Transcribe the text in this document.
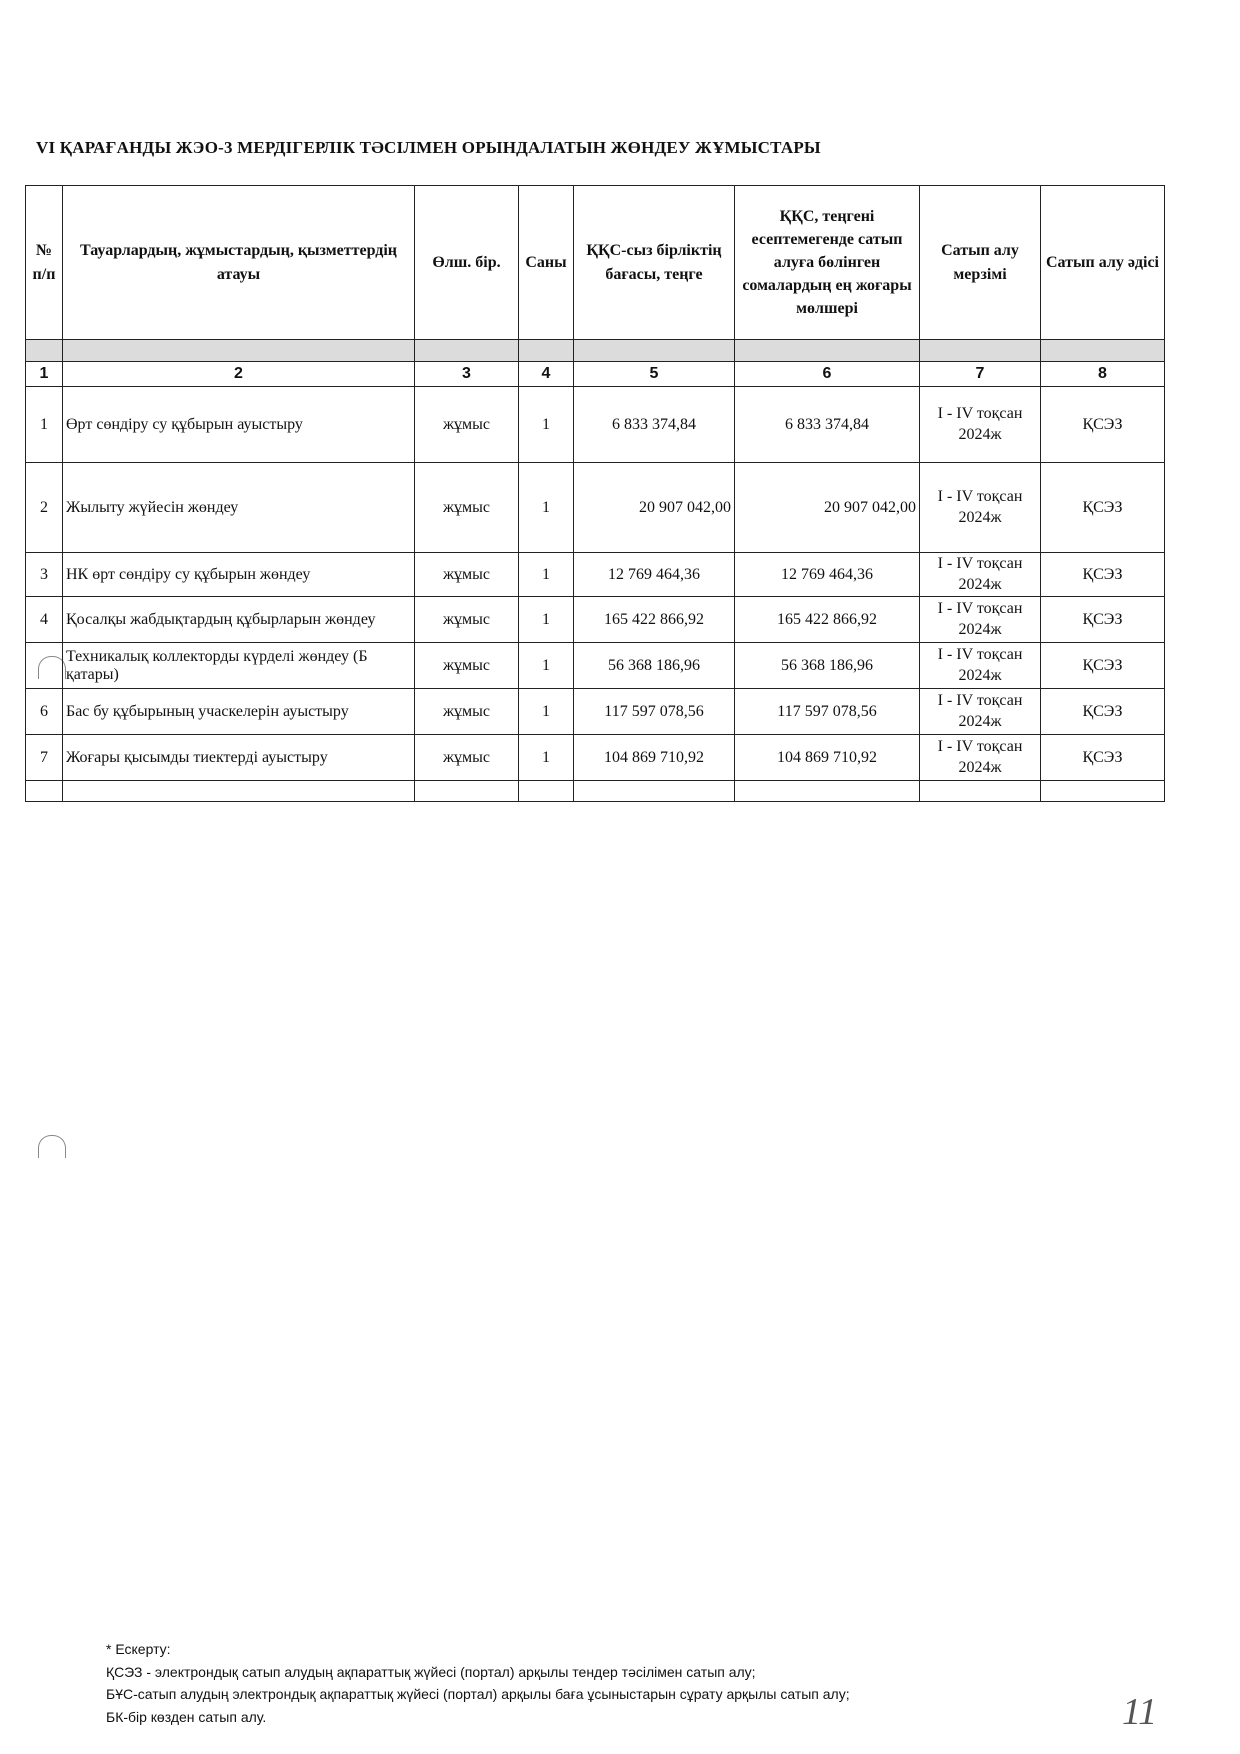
VI ҚАРАҒАНДЫ ЖЭО-3 МЕРДІГЕРЛІК ТӘСІЛМЕН ОРЫНДАЛАТЫН ЖӨНДЕУ ЖҰМЫСТАРЫ
№ п/п	Тауарлардың, жұмыстардың, қызметтердің атауы	Өлш. бір.	Саны	ҚҚС-сыз бірліктің бағасы, теңге	ҚҚС, теңгені есептемегенде сатып алуға бөлінген сомалардың ең жоғары мөлшері	Сатып алу мерзімі	Сатып алу әдісі

1	2	3	4	5	6	7	8
1	Өрт сөндіру су құбырын ауыстыру	жұмыс	1	6 833 374,84	6 833 374,84	I - IV тоқсан 2024ж	ҚСЭЗ
2	Жылыту жүйесін жөндеу	жұмыс	1	20 907 042,00	20 907 042,00	I - IV тоқсан 2024ж	ҚСЭЗ
3	НК өрт сөндіру су құбырын жөндеу	жұмыс	1	12 769 464,36	12 769 464,36	I - IV тоқсан 2024ж	ҚСЭЗ
4	Қосалқы жабдықтардың құбырларын жөндеу	жұмыс	1	165 422 866,92	165 422 866,92	I - IV тоқсан 2024ж	ҚСЭЗ
	Техникалық коллекторды күрделі жөндеу (Б қатары)	жұмыс	1	56 368 186,96	56 368 186,96	I - IV тоқсан 2024ж	ҚСЭЗ
6	Бас бу құбырының учаскелерін ауыстыру	жұмыс	1	117 597 078,56	117 597 078,56	I - IV тоқсан 2024ж	ҚСЭЗ
7	Жоғары қысымды тиектерді ауыстыру	жұмыс	1	104 869 710,92	104 869 710,92	I - IV тоқсан 2024ж	ҚСЭЗ

* Ескерту:
ҚСЭЗ - электрондық сатып алудың ақпараттық жүйесі (портал) арқылы тендер тәсілімен сатып алу;
БҰС-сатып алудың электрондық ақпараттық жүйесі (портал) арқылы баға ұсыныстарын сұрату арқылы сатып алу;
БК-бір көзден сатып алу.	11
